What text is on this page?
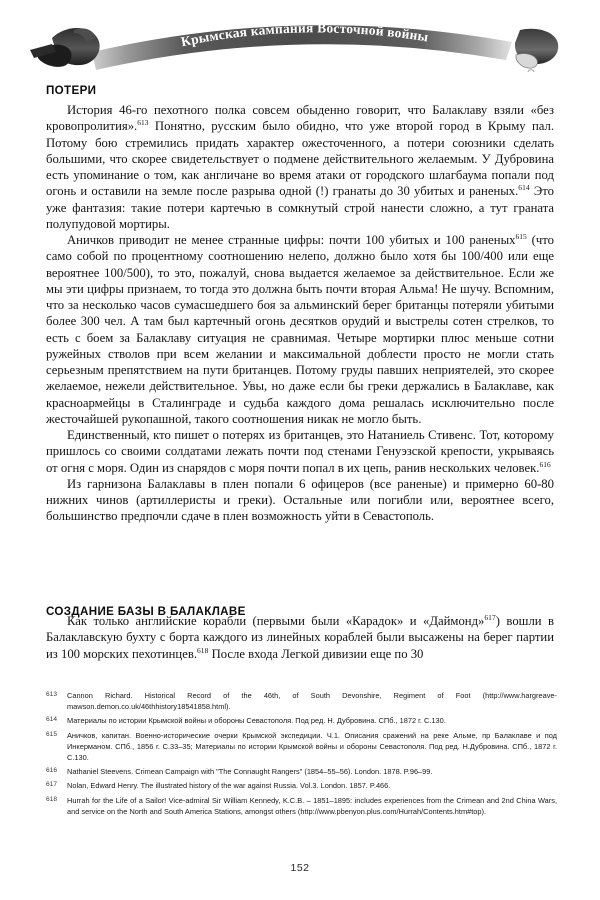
Крымская кампания Восточной войны
ПОТЕРИ

История 46-го пехотного полка совсем обыденно говорит, что Балаклаву взяли «без кровопролития».$^{613}$ Понятно, русским было обидно, что уже второй город в Крыму пал. Потому бою стремились придать характер ожесточенного, а потери союзники сделать большими, что скорее свидетельствует о подмене действительного желаемым. У Дубровина есть упоминание о том, как англичане во время атаки от городского шлагбаума попали под огонь и оставили на земле после разрыва одной (!) гранаты до 30 убитых и раненых.$^{614}$ Это уже фантазия: такие потери картечью в сомкнутый строй нанести сложно, а тут граната полупудовой мортиры.

Аничков приводит не менее странные цифры: почти 100 убитых и 100 раненых$^{615}$ (что само собой по процентному соотношению нелепо, должно было хотя бы 100/400 или еще вероятнее 100/500), то это, пожалуй, снова выдается желаемое за действительное. Если же мы эти цифры признаем, то тогда это должна быть почти вторая Альма! Не шучу. Вспомним, что за несколько часов сумасшедшего боя за альминский берег британцы потеряли убитыми более 300 чел. А там был картечный огонь десятков орудий и выстрелы сотен стрелков, то есть с боем за Балаклаву ситуация не сравнимая. Четыре мортирки плюс меньше сотни ружейных стволов при всем желании и максимальной доблести просто не могли стать серьезным препятствием на пути британцев. Потому груды павших неприятелей, это скорее желаемое, нежели действительное. Увы, но даже если бы греки держались в Балаклаве, как красноармейцы в Сталинграде и судьба каждого дома решалась исключительно после жесточайшей рукопашной, такого соотношения никак не могло быть.

Единственный, кто пишет о потерях из британцев, это Натаниель Стивенс. Тот, которому пришлось со своими солдатами лежать почти под стенами Генуэзской крепости, укрываясь от огня с моря. Один из снарядов с моря почти попал в их цепь, ранив нескольких человек.$^{616}$

Из гарнизона Балаклавы в плен попали 6 офицеров (все раненые) и примерно 60-80 нижних чинов (артиллеристы и греки). Остальные или погибли или, вероятнее всего, большинство предпочли сдаче в плен возможность уйти в Севастополь.

СОЗДАНИЕ БАЗЫ В БАЛАКЛАВЕ

Как только английские корабли (первыми были «Карадок» и «Даймонд»$^{617}$) вошли в Балаклавскую бухту с борта каждого из линейных кораблей были высажены на берег партии из 100 морских пехотинцев.$^{618}$ После входа Легкой дивизии еще по 30

613	Cannon Richard. Historical Record of the 46th, of South Devonshire, Regiment of Foot (http://www.hargreave-mawson.demon.co.uk/46thhistory18541858.html).
614	Материалы по истории Крымской войны и обороны Севастополя. Под ред. Н. Дубровина. СПб., 1872 г. С.130.
615	Аничков, капитан. Военно-исторические очерки Крымской экспедиции. Ч.1. Описания сражений на реке Альме, пр Балаклаве и под Инкерманом. СПб., 1856 г. С.33–35; Материалы по истории Крымской войны и обороны Севастополя. Под ред. Н.Дубровина. СПб., 1872 г. С.130.
616	Nathaniel Steevens. Crimean Campaign with "The Connaught Rangers" (1854–55–56). London. 1878. P.96–99.
617	Nolan, Edward Henry. The illustrated history of the war against Russia. Vol.3. London. 1857. P.466.
618	Hurrah for the Life of a Sailor! Vice-admiral Sir William Kennedy, K.C.B. – 1851–1895: includes experiences from the Crimean and 2nd China Wars, and service on the North and South America Stations, amongst others (http://www.pbenyon.plus.com/Hurrah/Contents.htm#top).
152
